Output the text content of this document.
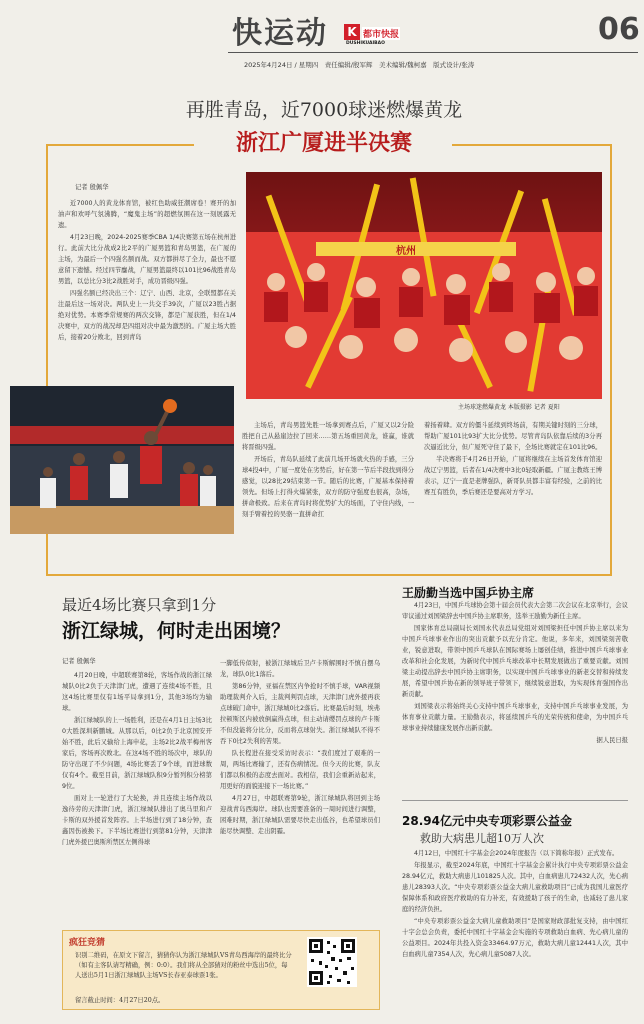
快运动 K
DUSHIKUAIBAO
都市快报	06
2025年4月24日 / 星期四　责任编辑/殷军辉　美术编辑/魏柯嘉　版式设计/张涛
再胜青岛，近7000球迷燃爆黄龙
浙江广厦进半决赛
记者 殷佩华

近7000人的黄龙体育馆，被红色助威狂潮席卷！赛开的加油声和欢呼气氛沸腾，“魔鬼主场”的超燃氛围在这一刻展露无遗。

4月23日晚，2024-2025赛季CBA 1/4决赛第五场在杭州进行。此前大比分战成2比2平的广厦男篮和青岛男篮，在广厦的主场，为最后一个四强名额而战。双方都拼尽了全力，最也不愿意留下遗憾。经过四节鏖战，广厦男篮最终以101比96战胜青岛男篮，以总比分3比2战胜对手，成功晋级四强。

四强名额已经决出三个：辽宁、山西、北京，全联盟都在关注最后这一场对决。两队史上一共交手39次，广厦以23胜占据绝对优势。本赛季常规赛的两次交锋，都是广厦获胜，但在1/4决赛中，双方的战况却是四组对决中最为激烈的。广厦主场大胜后，接着20分败北，回到青岛

杭州
主场球迷燃爆黄龙 本版摄影 记者 夏阳

主场后，青岛男篮先胜一场拿到赛点后，广厦又以2分险胜把自己从悬崖边拉了回来……第五场重回黄龙，谁赢，谁就将晋级四强。

开场后，青岛队延续了此前几场开场就火热的手感，三分球4投4中，广厦一度处在劣势后，好在第一节后半段找到得分感觉，以28比29结束第一节。随后的比赛，广厦基本保持着领先。但场上打得火爆紧张，双方的防守强度也很高，杂场，拼命极致。后来在青岛时将优势扩大的场面，了守住内线，一刻手臂着控的吴骆一直拼命扛

着扬着肆。双方的僵斗延续到终场前，有期关键时刻的三分球，帮助广厦101比93扩大比分优势。尽管青岛队依靠后续的3分再次逼近比分，但广厦死守住了最下，全场比赛就定在101比96。

半决赛将于4月26日开始，广厦将继续在主场首发体育馆迎战辽宁男篮，后者在1/4决赛中3比0轻取新疆。广厦主教练王博表示，辽宁一直是老牌强队，新哥队员都丰富有经验，之前的比赛互有胜负，季后赛还是要高对方学习。

最近4场比赛只拿到1分
浙江绿城，何时走出困境？
记者 殷佩华

4月20日晚，中超联赛第8轮，客场作战的浙江绿城队0比2负于天津津门虎，遭遇了连续4场不胜，且这4场比赛里仅有1场平局拿到1分，其他3场均为输球。

浙江绿城队的上一场胜利，还是在4月1日主场3比0大胜深圳新鹏城。从那以后，0比2负于北京国安开始不胜，此后又输给上海申花，主场2比2战平梅州客家后，客场再次败北。在这4场不胜的场次中，球队的防守出现了不少问题，4场比赛丢了9个球，而进球数仅有4个。截至目前，浙江绿城队积9分暂列积分榜第9位。

面对上一轮进行了大轮换，并且连续主场作战以逸待劳的天津津门虎，浙江绿城队排出了奥马里和卢卡斯的双外援首发阵容。上半场进行到了18分钟，查鑫因伤被换下。下半场比赛进行到第81分钟，天津津门虎外援巴奥斯所禁区左侧得球

一脚低传似射，被浙江绿城后卫卢卡斯解围时不慎自摆乌龙，球队0比1落后。

第86分钟，亚福在禁区内争抢时不慎手球，VAR视频助理裁判介入后，主裁判判罚点球，天津津门虎外援再获点球破门命中，浙江绿城0比2落后。比赛最后时刻，埃弗拉顿斯区内被放倒赢得点球，但主动请缨罚点球的卢卡斯不但没能将分比分，反而将点球射失。浙江绿城队不得不吞下0比2失利的苦果。

队长程进在接受采访时表示：“我们度过了艰难的一周，两场比赛输了，还有伤病情况。但今天的比赛，队友们都以积极的态度去面对。我相信，我们会重新站起来，用更好的面貌迎接下一场比赛。”

4月27日，中超联赛第9轮，浙江绿城队将回到主场迎战青岛西海岸。球队也需要准备的一周时间进行调整，困难时期，浙江绿城队需要尽快走出低谷，也希望球员们能尽快调整、走出阴霾。

疯狂竞猜
识别二维码，在原文下留言，猜猜你认为浙江绿城队VS青岛西海岸的最终比分（如有主客队请写精确，例：0:0）。我们将从全部猜对的粉丝中选出5位，每人送出5月1日浙江绿城队主场VS长春亚泰球票1张。
留言截止时间：4月27日20点。
王励勤当选中国乒协主席

4月23日，中国乒乓球协会第十届会员代表大会第二次会议在北京举行，会议审议通过刘国梁辞去中国乒协主席职务，选举王励勤为新任主席。

国家体育总局副局长刘国永代表总局党组对刘国梁担任中国乒协主席以来为中国乒乓球事业作出的突出贡献予以充分肯定。他说，多年来，刘国梁刻苦敬业，锐意进取，带领中国乒乓球队在国际赛场上屡创佳绩，推进中国乒乓球事业改革和社会化发展，为新时代中国乒乓球改革中长期发展做出了重要贡献。刘国梁主动提出辞去中国乒协主席职务，以实现中国乒乓球事业的新老交替和持续发展，希望中国乒协在新的领导班子带领下，继续锐意进取，为实现体育强国作出新贡献。

刘国梁表示将始终关心支持中国乒乓球事业，支持中国乒乓球事业发展，为体育事业贡献力量。王励勤表示，将延续国乒乓的光荣传统和使命，为中国乒乓球事业持续健康发展作出新贡献。

据人民日报

28.94亿元中央专项彩票公益金
救助大病患儿超10万人次

4月12日，中国红十字基金会2024年度报告（以下简称年报）正式发布。

年报显示，截至2024年底，中国红十字基金会累计执行中央专项彩票公益金28.94亿元，救助大病患儿101825人次。其中，白血病患儿72432人次，先心病患儿28393人次。“中央专项彩票公益金大病儿童救助项目”已成为我国儿童医疗保障体系和政府医疗救助的有力补充，有效援助了孩子的生命，也减轻了患儿家庭的经济负担。

“中央专项彩票公益金大病儿童救助项目”是国家财政部批复支持，由中国红十字会总会负责，委托中国红十字基金会实施的专项救助白血病、先心病儿童的公益项目。2024年共投入资金33464.97万元，救助大病儿童12441人次，其中白血病儿童7354人次，先心病儿童5087人次。
